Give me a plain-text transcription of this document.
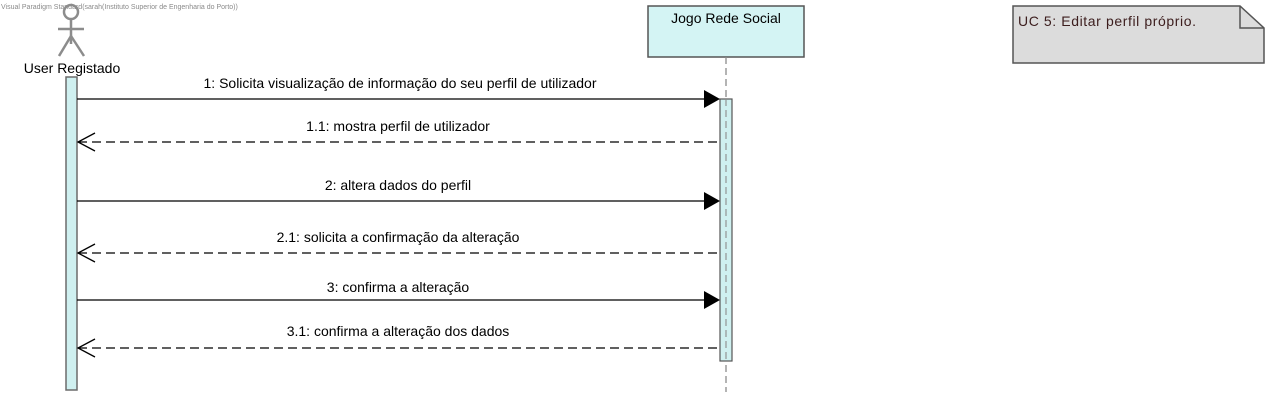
Visual Paradigm Standard(sarah(Instituto Superior de Engenharia do Porto))
User Registado
Jogo Rede Social	UC 5: Editar perfil próprio.
1: Solicita visualização de informação do seu perfil de utilizador
1.1: mostra perfil de utilizador
2: altera dados do perfil
2.1: solicita a confirmação da alteração
3: confirma a alteração
3.1: confirma a alteração dos dados
